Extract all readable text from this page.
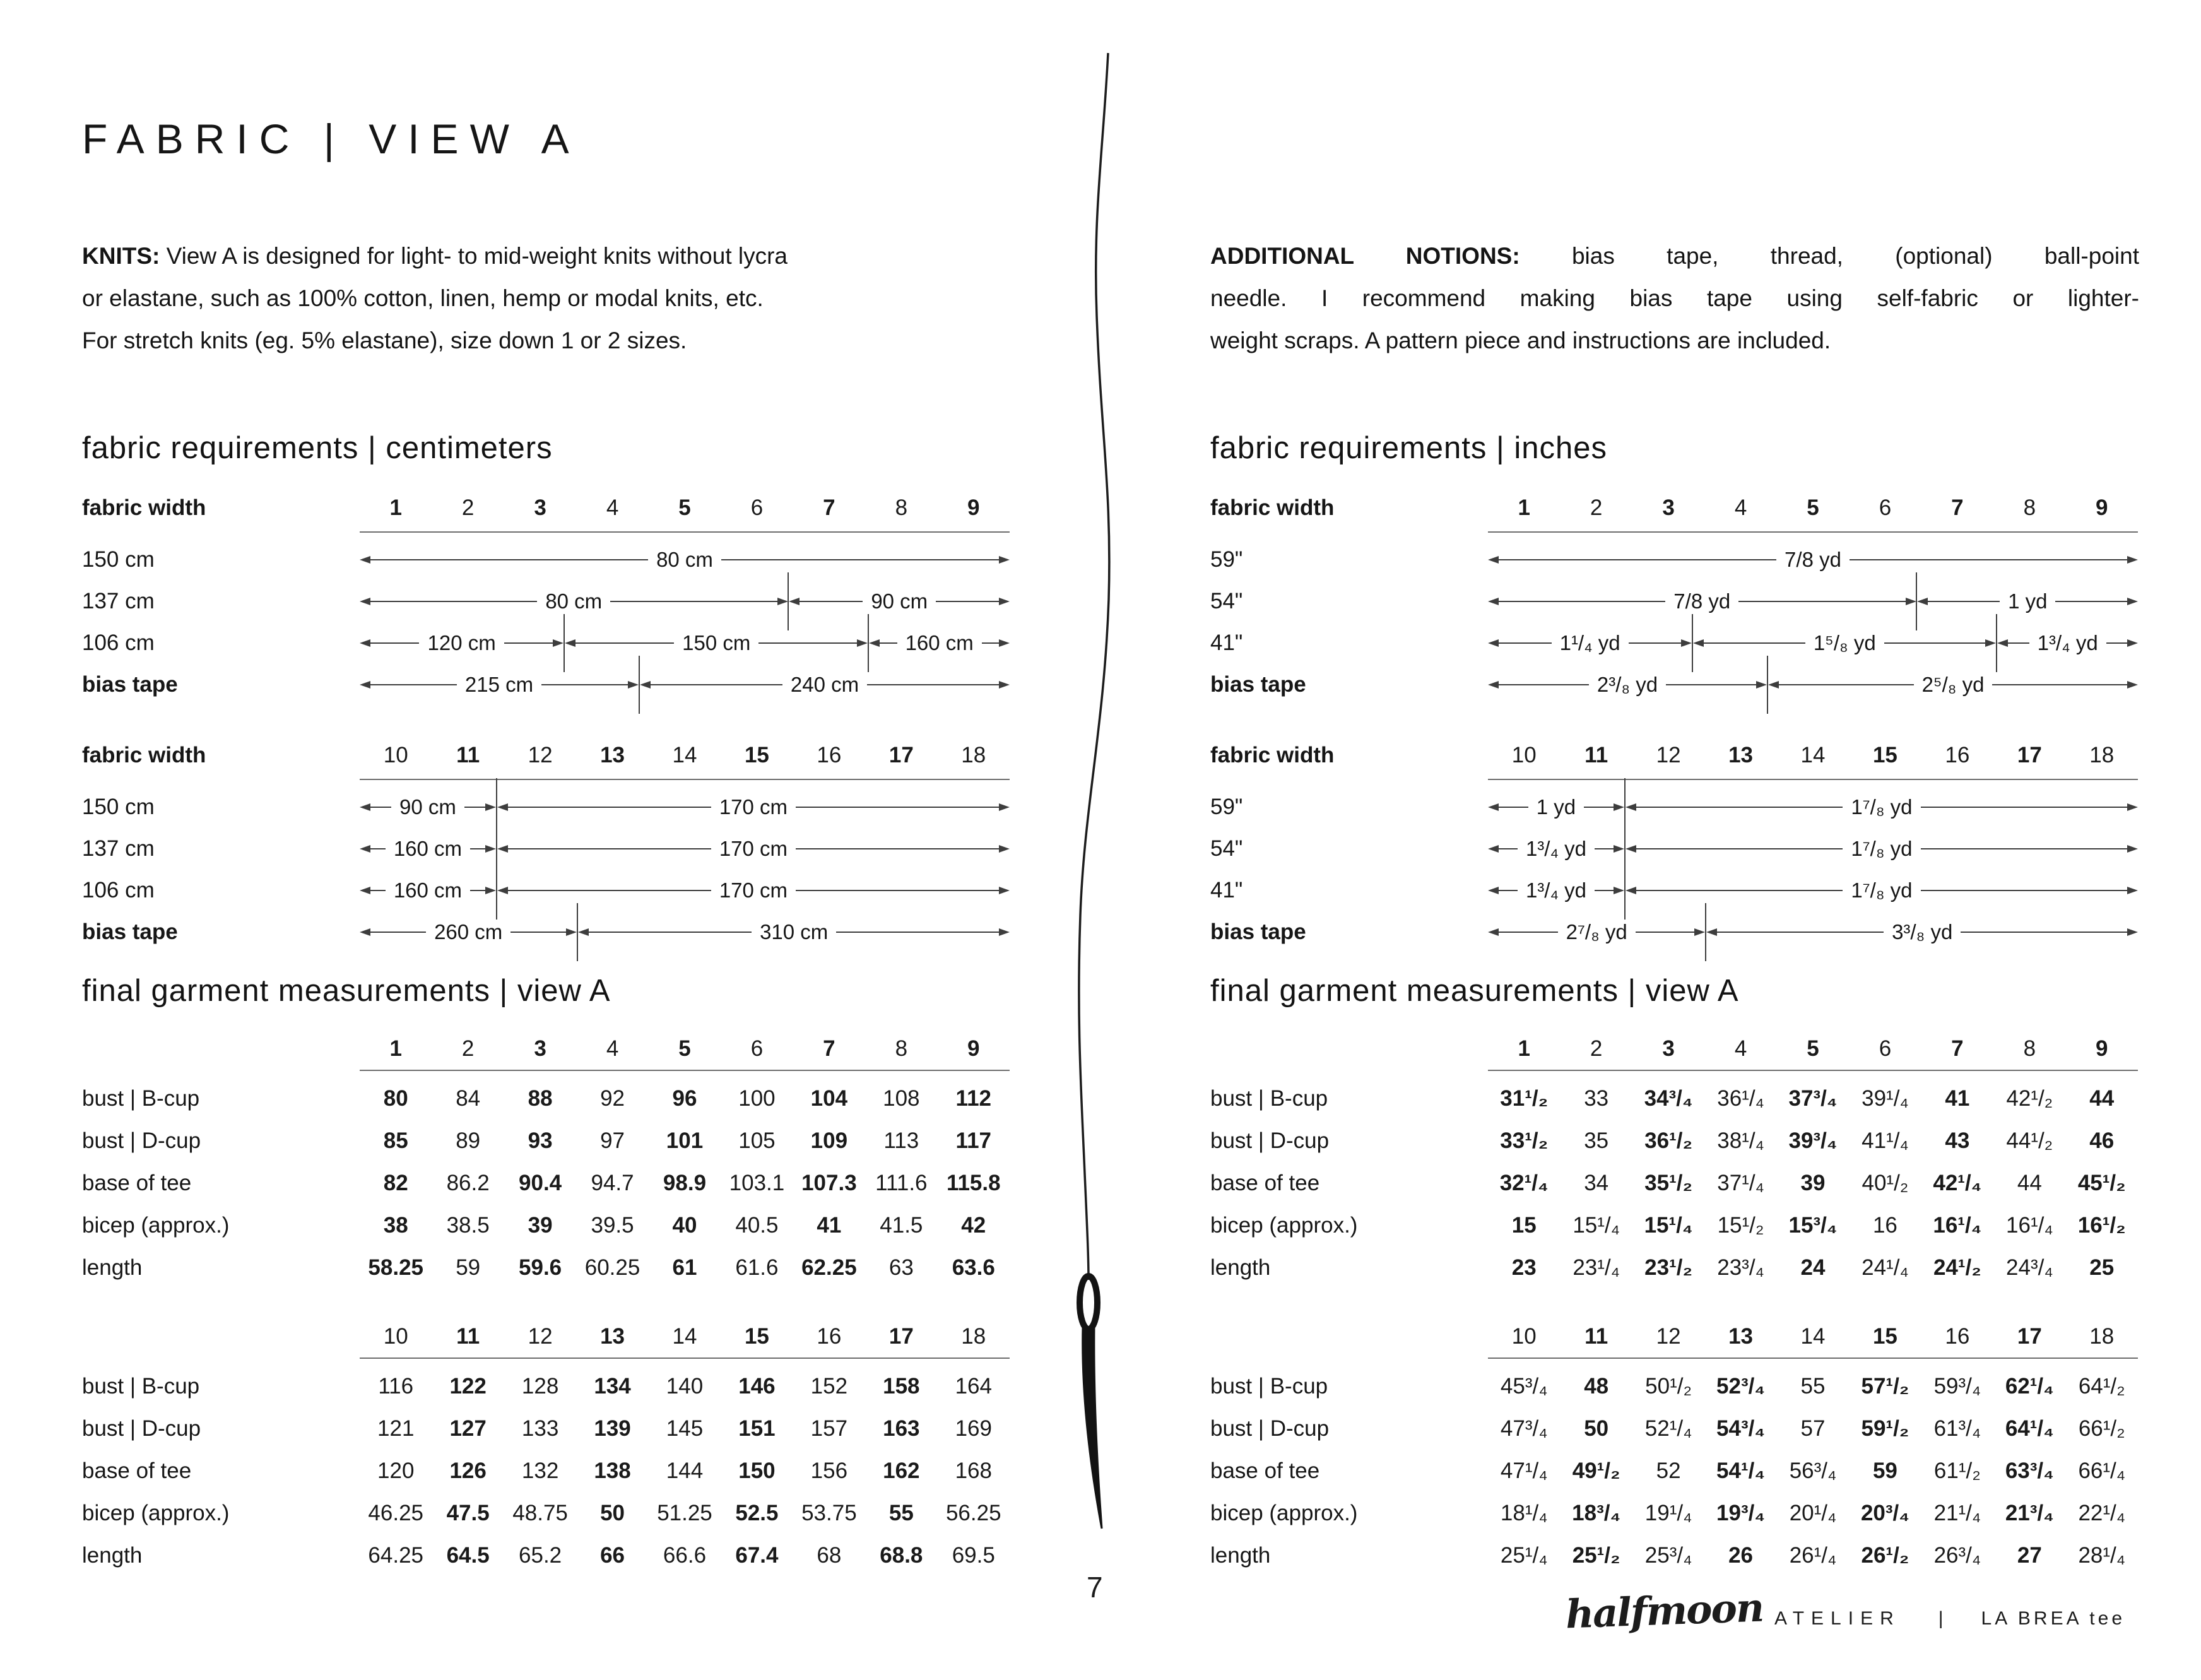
FABRIC | VIEW A
KNITS: View A is designed for light- to mid-weight knits without lycra
or elastane, such as 100% cotton, linen, hemp or modal knits, etc.
For stretch knits (eg. 5% elastane), size down 1 or 2 sizes.
ADDITIONAL NOTIONS: bias tape, thread, (optional) ball-point
needle. I recommend making bias tape using self-fabric or lighter-
weight scraps. A pattern piece and instructions are included.
fabric requirements | centimeters
fabric width	1	2	3	4	5	6	7	8	9
150 cm	80 cm
137 cm	80 cm	90 cm
106 cm	120 cm	150 cm	160 cm
bias tape	215 cm	240 cm
fabric width	10	11	12	13	14	15	16	17	18
150 cm	90 cm	170 cm
137 cm	160 cm	170 cm
106 cm	160 cm	170 cm
bias tape	260 cm	310 cm
fabric requirements | inches
fabric width	1	2	3	4	5	6	7	8	9
59"	7/8 yd
54"	7/8 yd	1 yd
41"	1¹/₄ yd	1⁵/₈ yd	1³/₄ yd
bias tape	2³/₈ yd	2⁵/₈ yd
fabric width	10	11	12	13	14	15	16	17	18
59"	1 yd	1⁷/₈ yd
54"	1³/₄ yd	1⁷/₈ yd
41"	1³/₄ yd	1⁷/₈ yd
bias tape	2⁷/₈ yd	3³/₈ yd
final garment measurements | view A
1	2	3	4	5	6	7	8	9
bust | B-cup	80	84	88	92	96	100	104	108	112
bust | D-cup	85	89	93	97	101	105	109	113	117
base of tee	82	86.2	90.4	94.7	98.9	103.1 107.3 111.6 115.8
bicep (approx.)	38	38.5	39	39.5	40	40.5	41	41.5	42
length	58.25	59	59.6	60.25	61	61.6	62.25	63	63.6
10	11	12	13	14	15	16	17	18
bust | B-cup	116	122	128	134	140	146	152	158	164
bust | D-cup	121	127	133	139	145	151	157	163	169
base of tee	120	126	132	138	144	150	156	162	168
bicep (approx.)	46.25	47.5	48.75	50	51.25	52.5	53.75	55	56.25
length	64.25	64.5	65.2	66	66.6	67.4	68	68.8	69.5
final garment measurements | view A
1	2	3	4	5	6	7	8	9
bust | B-cup	31¹/₂	33	34³/₄	36¹/₄	37³/₄	39¹/₄	41	42¹/₂	44
bust | D-cup	33¹/₂	35	36¹/₂	38¹/₄	39³/₄	41¹/₄	43	44¹/₂	46
base of tee	32¹/₄	34	35¹/₂	37¹/₄	39	40¹/₂	42¹/₄	44	45¹/₂
bicep (approx.)	15	15¹/₄	15¹/₄	15¹/₂	15³/₄	16	16¹/₄	16¹/₄	16¹/₂
length	23	23¹/₄	23¹/₂	23³/₄	24	24¹/₄	24¹/₂	24³/₄	25
10	11	12	13	14	15	16	17	18
bust | B-cup	45³/₄	48	50¹/₂	52³/₄	55	57¹/₂	59³/₄	62¹/₄	64¹/₂
bust | D-cup	47³/₄	50	52¹/₄	54³/₄	57	59¹/₂	61³/₄	64¹/₄	66¹/₂
base of tee	47¹/₄	49¹/₂	52	54¹/₄	56³/₄	59	61¹/₂	63³/₄	66¹/₄
bicep (approx.)	18¹/₄	18³/₄	19¹/₄	19³/₄	20¹/₄	20³/₄	21¹/₄	21³/₄	22¹/₄
length	25¹/₄	25¹/₂	25³/₄	26	26¹/₄	26¹/₂	26³/₄	27	28¹/₄
7	halfmoon ATELIER | LA BREA tee
